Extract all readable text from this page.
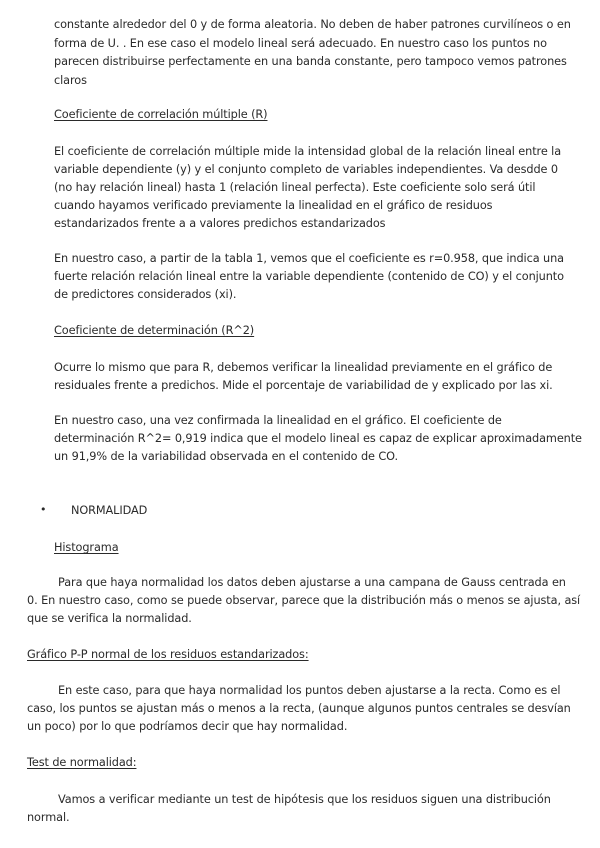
constante alrededor del 0 y de forma aleatoria. No deben de haber patrones curvilíneos o en
forma de U. . En ese caso el modelo lineal será adecuado. En nuestro caso los puntos no
parecen distribuirse perfectamente en una banda constante, pero tampoco vemos patrones
claros
Coeficiente de correlación múltiple (R)
El coeficiente de correlación múltiple mide la intensidad global de la relación lineal entre la
variable dependiente (y) y el conjunto completo de variables independientes. Va desdde 0
(no hay relación lineal) hasta 1 (relación lineal perfecta). Este coeficiente solo será útil
cuando hayamos verificado previamente la linealidad en el gráfico de residuos
estandarizados frente a a valores predichos estandarizados
En nuestro caso, a partir de la tabla 1, vemos que el coeficiente es r=0.958, que indica una
fuerte relación relación lineal entre la variable dependiente (contenido de CO) y el conjunto
de predictores considerados (xi).
Coeficiente de determinación (R^2)
Ocurre lo mismo que para R, debemos verificar la linealidad previamente en el gráfico de
residuales frente a predichos. Mide el porcentaje de variabilidad de y explicado por las xi.
En nuestro caso, una vez confirmada la linealidad en el gráfico. El coeficiente de
determinación R^2= 0,919 indica que el modelo lineal es capaz de explicar aproximadamente
un 91,9% de la variabilidad observada en el contenido de CO.
• NORMALIDAD
Histograma
Para que haya normalidad los datos deben ajustarse a una campana de Gauss centrada en
0. En nuestro caso, como se puede observar, parece que la distribución más o menos se ajusta, así
que se verifica la normalidad.
Gráfico P-P normal de los residuos estandarizados:
En este caso, para que haya normalidad los puntos deben ajustarse a la recta. Como es el
caso, los puntos se ajustan más o menos a la recta, (aunque algunos puntos centrales se desvían
un poco) por lo que podríamos decir que hay normalidad.
Test de normalidad:
Vamos a verificar mediante un test de hipótesis que los residuos siguen una distribución
normal.
